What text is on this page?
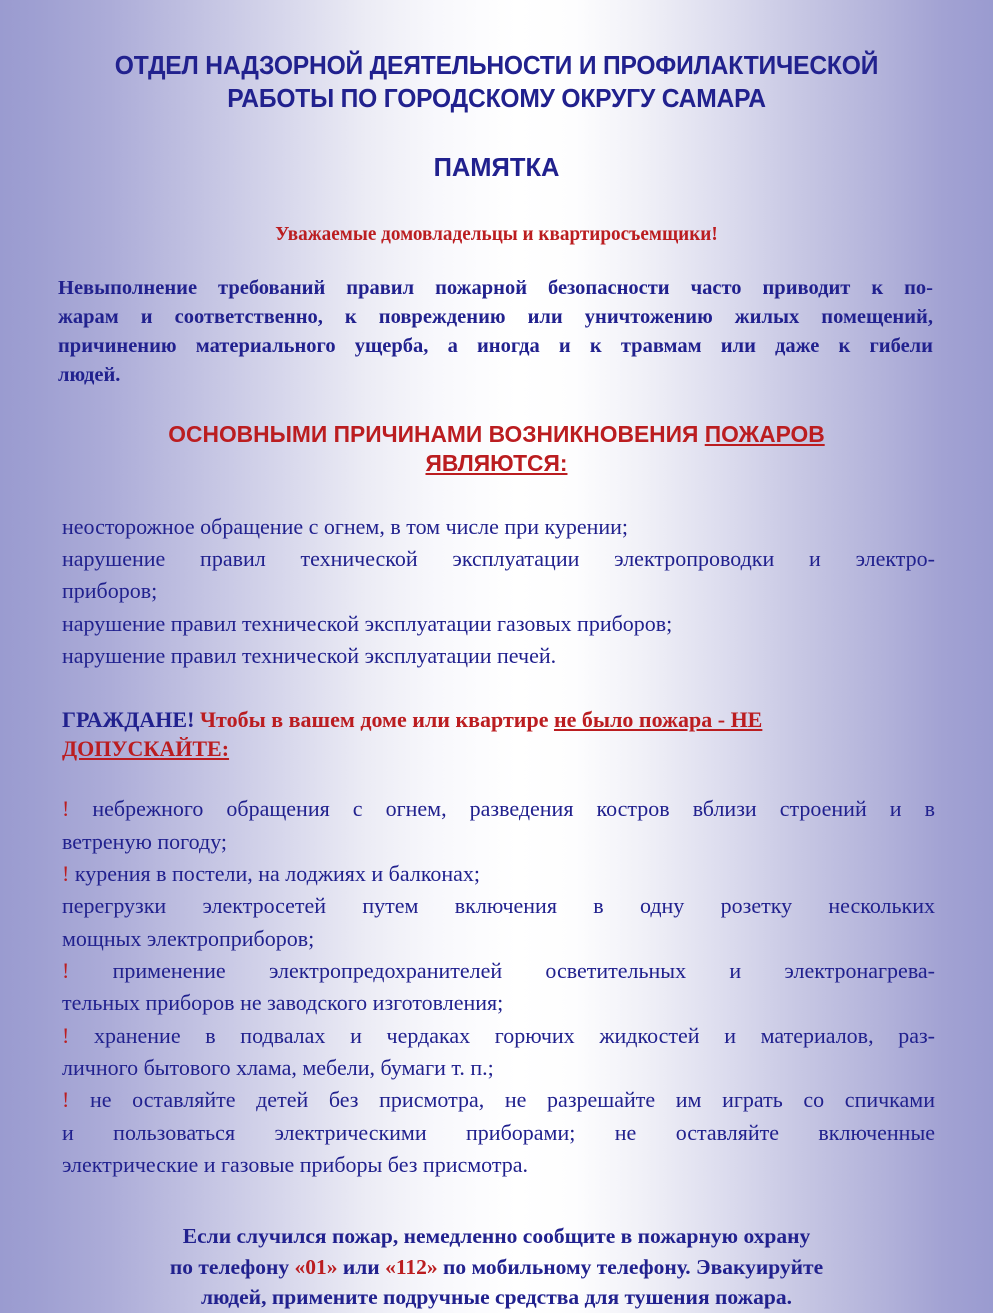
ОТДЕЛ НАДЗОРНОЙ ДЕЯТЕЛЬНОСТИ И ПРОФИЛАКТИЧЕСКОЙ
РАБОТЫ ПО ГОРОДСКОМУ ОКРУГУ САМАРА
ПАМЯТКА
Уважаемые домовладельцы и квартиросъемщики!
Невыполнение требований правил пожарной безопасности часто приводит к по-
жарам и соответственно, к повреждению или уничтожению жилых помещений,
причинению материального ущерба, а иногда и к травмам или даже к гибели
людей.
ОСНОВНЫМИ ПРИЧИНАМИ ВОЗНИКНОВЕНИЯ ПОЖАРОВ
ЯВЛЯЮТСЯ:
неосторожное обращение с огнем, в том числе при курении;
нарушение правил технической эксплуатации электропроводки и электро-
приборов;
нарушение правил технической эксплуатации газовых приборов;
нарушение правил технической эксплуатации печей.
ГРАЖДАНЕ! Чтобы в вашем доме или квартире не было пожара - НЕ
ДОПУСКАЙТЕ:
! небрежного обращения с огнем, разведения костров вблизи строений и в
ветреную погоду;
! курения в постели, на лоджиях и балконах;
перегрузки электросетей путем включения в одну розетку нескольких
мощных электроприборов;
! применение электропредохранителей осветительных и электронагрева-
тельных приборов не заводского изготовления;
! хранение в подвалах и чердаках горючих жидкостей и материалов, раз-
личного бытового хлама, мебели, бумаги т. п.;
! не оставляйте детей без присмотра, не разрешайте им играть со спичками
и пользоваться электрическими приборами; не оставляйте включенные
электрические и газовые приборы без присмотра.
Если случился пожар, немедленно сообщите в пожарную охрану
по телефону «01» или «112» по мобильному телефону. Эвакуируйте
людей, примените подручные средства для тушения пожара.
